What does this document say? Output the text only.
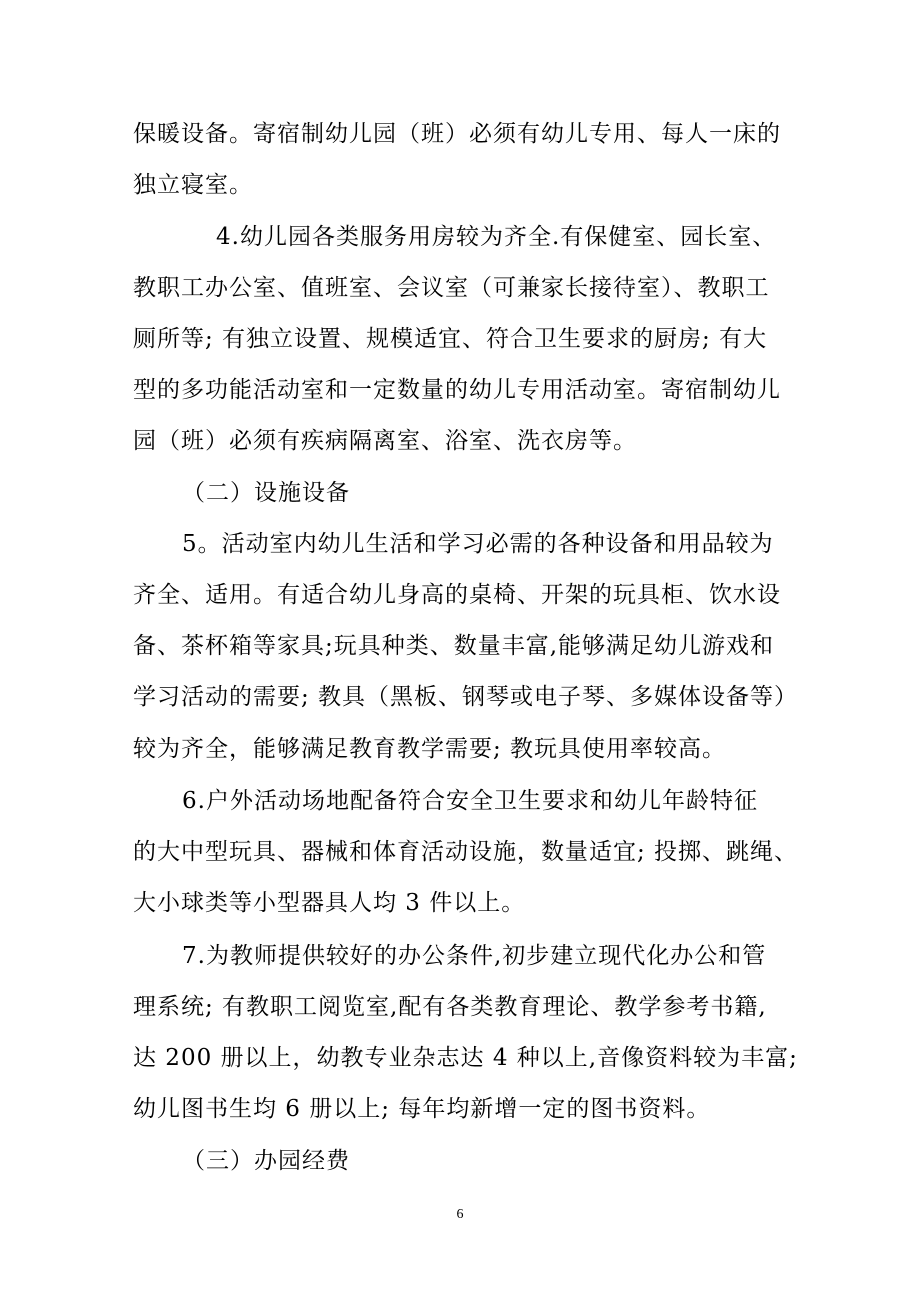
保暖设备。寄宿制幼儿园（班）必须有幼儿专用、每人一床的
独立寝室。
4.幼儿园各类服务用房较为齐全.有保健室、园长室、
教职工办公室、值班室、会议室（可兼家长接待室）、教职工
厕所等; 有独立设置、规模适宜、符合卫生要求的厨房; 有大
型的多功能活动室和一定数量的幼儿专用活动室。寄宿制幼儿
园（班）必须有疾病隔离室、浴室、洗衣房等。
（二）设施设备
5。活动室内幼儿生活和学习必需的各种设备和用品较为
齐全、适用。有适合幼儿身高的桌椅、开架的玩具柜、饮水设
备、茶杯箱等家具;玩具种类、数量丰富,能够满足幼儿游戏和
学习活动的需要; 教具（黑板、钢琴或电子琴、多媒体设备等）
较为齐全，能够满足教育教学需要; 教玩具使用率较高。
6.户外活动场地配备符合安全卫生要求和幼儿年龄特征
的大中型玩具、器械和体育活动设施，数量适宜; 投掷、跳绳、
大小球类等小型器具人均 3 件以上。
7.为教师提供较好的办公条件,初步建立现代化办公和管
理系统; 有教职工阅览室,配有各类教育理论、教学参考书籍,
达 200 册以上，幼教专业杂志达 4 种以上,音像资料较为丰富;
幼儿图书生均 6 册以上; 每年均新增一定的图书资料。
（三）办园经费
6
